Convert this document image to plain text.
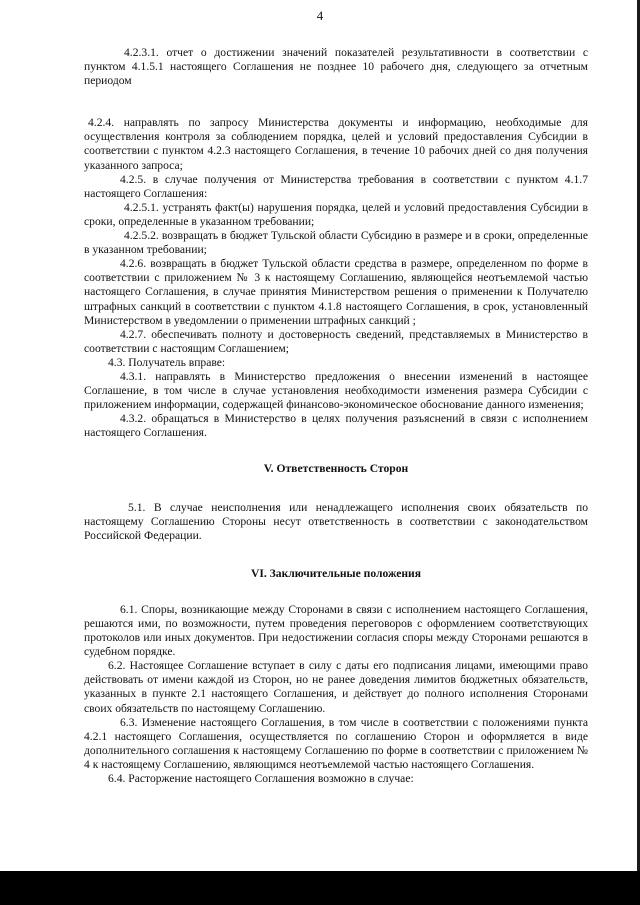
4

4.2.3.1. отчет о достижении значений показателей результативности в соответствии с пунктом 4.1.5.1 настоящего Соглашения не позднее 10 рабочего дня, следующего за отчетным периодом

4.2.4. направлять по запросу Министерства документы и информацию, необходимые для осуществления контроля за соблюдением порядка, целей и условий предоставления Субсидии в соответствии с пунктом 4.2.3 настоящего Соглашения, в течение 10 рабочих дней со дня получения указанного запроса;

4.2.5. в случае получения от Министерства требования в соответствии с пунктом 4.1.7 настоящего Соглашения:

4.2.5.1. устранять факт(ы) нарушения порядка, целей и условий предоставления Субсидии в сроки, определенные в указанном требовании;

4.2.5.2. возвращать в бюджет Тульской области Субсидию в размере и в сроки, определенные в указанном требовании;

4.2.6. возвращать в бюджет Тульской области средства в размере, определенном по форме в соответствии с приложением № 3 к настоящему Соглашению, являющейся неотъемлемой частью настоящего Соглашения, в случае принятия Министерством решения о применении к Получателю штрафных санкций в соответствии с пунктом 4.1.8 настоящего Соглашения, в срок, установленный Министерством в уведомлении о применении штрафных санкций ;

4.2.7. обеспечивать полноту и достоверность сведений, представляемых в Министерство в соответствии с настоящим Соглашением;

4.3. Получатель вправе:

4.3.1. направлять в Министерство предложения о внесении изменений в настоящее Соглашение, в том числе в случае установления необходимости изменения размера Субсидии с приложением информации, содержащей финансово-экономическое обоснование данного изменения;

4.3.2. обращаться в Министерство в целях получения разъяснений в связи с исполнением настоящего Соглашения.

V. Ответственность Сторон

5.1. В случае неисполнения или ненадлежащего исполнения своих обязательств по настоящему Соглашению Стороны несут ответственность в соответствии с законодательством Российской Федерации.

VI. Заключительные положения

6.1. Споры, возникающие между Сторонами в связи с исполнением настоящего Соглашения, решаются ими, по возможности, путем проведения переговоров с оформлением соответствующих протоколов или иных документов. При недостижении согласия споры между Сторонами решаются в судебном порядке.

6.2. Настоящее Соглашение вступает в силу с даты его подписания лицами, имеющими право действовать от имени каждой из Сторон, но не ранее доведения лимитов бюджетных обязательств, указанных в пункте 2.1 настоящего Соглашения, и действует до полного исполнения Сторонами своих обязательств по настоящему Соглашению.

6.3. Изменение настоящего Соглашения, в том числе в соответствии с положениями пункта 4.2.1 настоящего Соглашения, осуществляется по соглашению Сторон и оформляется в виде дополнительного соглашения к настоящему Соглашению по форме в соответствии с приложением № 4 к настоящему Соглашению, являющимся неотъемлемой частью настоящего Соглашения.

6.4. Расторжение настоящего Соглашения возможно в случае:
